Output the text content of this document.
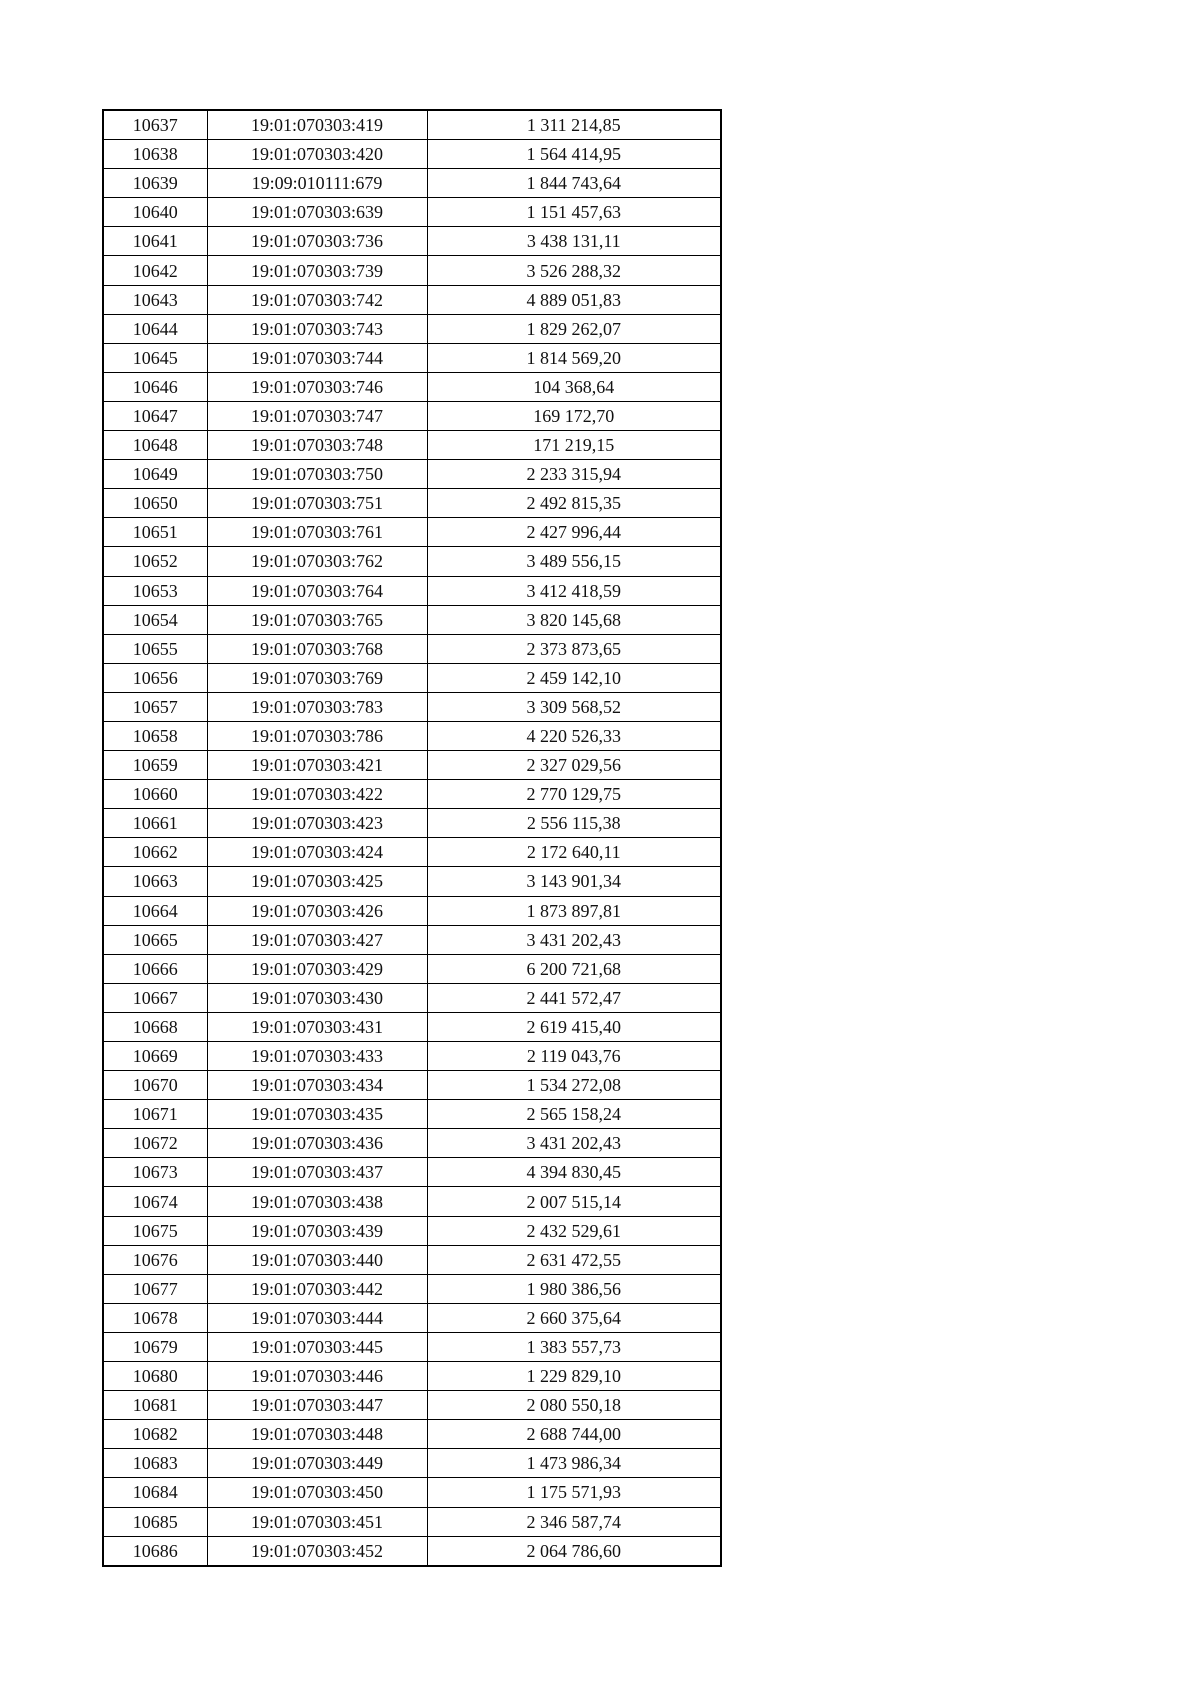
10637	19:01:070303:419	1 311 214,85
10638	19:01:070303:420	1 564 414,95
10639	19:09:010111:679	1 844 743,64
10640	19:01:070303:639	1 151 457,63
10641	19:01:070303:736	3 438 131,11
10642	19:01:070303:739	3 526 288,32
10643	19:01:070303:742	4 889 051,83
10644	19:01:070303:743	1 829 262,07
10645	19:01:070303:744	1 814 569,20
10646	19:01:070303:746	104 368,64
10647	19:01:070303:747	169 172,70
10648	19:01:070303:748	171 219,15
10649	19:01:070303:750	2 233 315,94
10650	19:01:070303:751	2 492 815,35
10651	19:01:070303:761	2 427 996,44
10652	19:01:070303:762	3 489 556,15
10653	19:01:070303:764	3 412 418,59
10654	19:01:070303:765	3 820 145,68
10655	19:01:070303:768	2 373 873,65
10656	19:01:070303:769	2 459 142,10
10657	19:01:070303:783	3 309 568,52
10658	19:01:070303:786	4 220 526,33
10659	19:01:070303:421	2 327 029,56
10660	19:01:070303:422	2 770 129,75
10661	19:01:070303:423	2 556 115,38
10662	19:01:070303:424	2 172 640,11
10663	19:01:070303:425	3 143 901,34
10664	19:01:070303:426	1 873 897,81
10665	19:01:070303:427	3 431 202,43
10666	19:01:070303:429	6 200 721,68
10667	19:01:070303:430	2 441 572,47
10668	19:01:070303:431	2 619 415,40
10669	19:01:070303:433	2 119 043,76
10670	19:01:070303:434	1 534 272,08
10671	19:01:070303:435	2 565 158,24
10672	19:01:070303:436	3 431 202,43
10673	19:01:070303:437	4 394 830,45
10674	19:01:070303:438	2 007 515,14
10675	19:01:070303:439	2 432 529,61
10676	19:01:070303:440	2 631 472,55
10677	19:01:070303:442	1 980 386,56
10678	19:01:070303:444	2 660 375,64
10679	19:01:070303:445	1 383 557,73
10680	19:01:070303:446	1 229 829,10
10681	19:01:070303:447	2 080 550,18
10682	19:01:070303:448	2 688 744,00
10683	19:01:070303:449	1 473 986,34
10684	19:01:070303:450	1 175 571,93
10685	19:01:070303:451	2 346 587,74
10686	19:01:070303:452	2 064 786,60
